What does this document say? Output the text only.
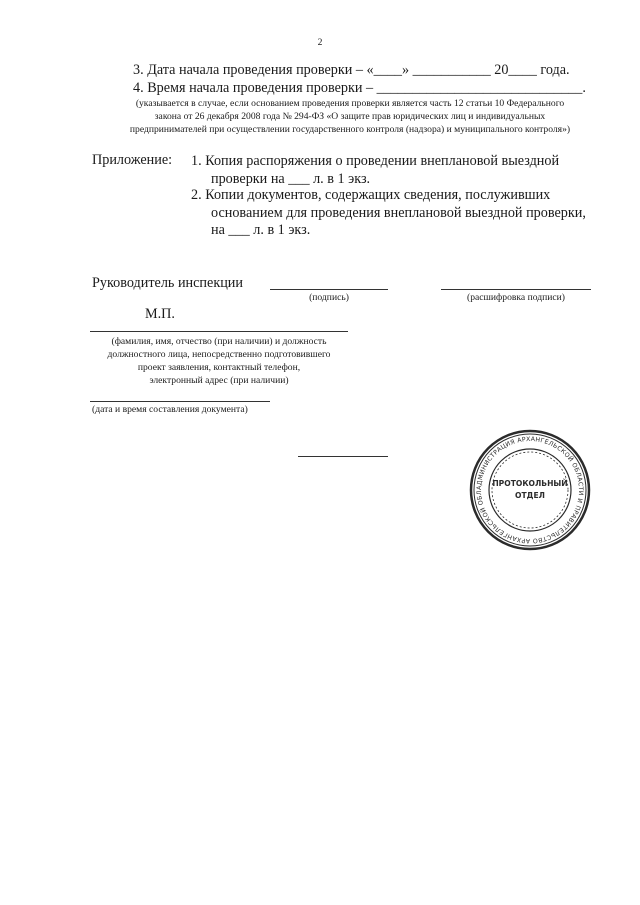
2
3. Дата начала проведения проверки – «____» ___________ 20____ года.
4. Время начала проведения проверки – _____________________________.
(указывается в случае, если основанием проведения проверки является часть 12 статьи 10 Федерального
закона от 26 декабря 2008 года № 294-ФЗ «О защите прав юридических лиц и индивидуальных
предпринимателей при осуществлении государственного контроля (надзора) и муниципального контроля»)
Приложение: 1. Копия распоряжения о проведении внеплановой выездной
проверки на ___ л. в 1 экз.
2. Копии документов, содержащих сведения, послуживших
основанием для проведения внеплановой выездной проверки,
на ___ л. в 1 экз.
Руководитель инспекции
(подпись)	(расшифровка подписи)
М.П.
(фамилия, имя, отчество (при наличии) и должность
должностного лица, непосредственно подготовившего
проект заявления, контактный телефон,
электронный адрес (при наличии)
(дата и время составления документа)
АДМИНИСТРАЦИЯ АРХАНГЕЛЬСКОЙ ОБЛАСТИ И ПРАВИТЕЛЬСТВО АРХАНГЕЛЬСКОЙ ОБЛ
ПРОТОКОЛЬНЫЙ
ОТДЕЛ
